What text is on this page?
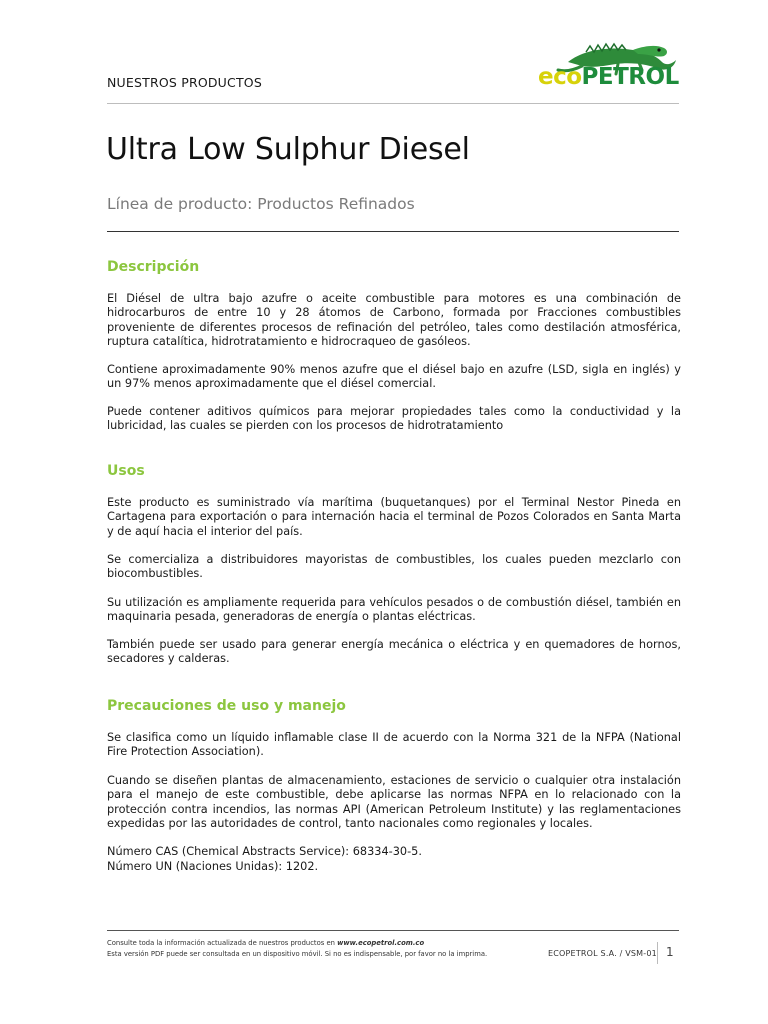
NUESTROS PRODUCTOS	ecoPETROL
Ultra Low Sulphur Diesel
Línea de producto: Productos Refinados
Descripción

El Diésel de ultra bajo azufre o aceite combustible para motores es una combinación de hidrocarburos de entre 10 y 28 átomos de Carbono, formada por Fracciones combustibles proveniente de diferentes procesos de refinación del petróleo, tales como destilación atmosférica, ruptura catalítica, hidrotratamiento e hidrocraqueo de gasóleos.

Contiene aproximadamente 90% menos azufre que el diésel bajo en azufre (LSD, sigla en inglés) y un 97% menos aproximadamente que el diésel comercial.

Puede contener aditivos químicos para mejorar propiedades tales como la conductividad y la lubricidad, las cuales se pierden con los procesos de hidrotratamiento

Usos

Este producto es suministrado vía marítima (buquetanques) por el Terminal Nestor Pineda en Cartagena para exportación o para internación hacia el terminal de Pozos Colorados en Santa Marta y de aquí hacia el interior del país.

Se comercializa a distribuidores mayoristas de combustibles, los cuales pueden mezclarlo con biocombustibles.

Su utilización es ampliamente requerida para vehículos pesados o de combustión diésel, también en maquinaria pesada, generadoras de energía o plantas eléctricas.

También puede ser usado para generar energía mecánica o eléctrica y en quemadores de hornos, secadores y calderas.

Precauciones de uso y manejo

Se clasifica como un líquido inflamable clase II de acuerdo con la Norma 321 de la NFPA (National Fire Protection Association).

Cuando se diseñen plantas de almacenamiento, estaciones de servicio o cualquier otra instalación para el manejo de este combustible, debe aplicarse las normas NFPA en lo relacionado con la protección contra incendios, las normas API (American Petroleum Institute) y las reglamentaciones expedidas por las autoridades de control, tanto nacionales como regionales y locales.

Número CAS (Chemical Abstracts Service): 68334-30-5.

Número UN (Naciones Unidas): 1202.

Consulte toda la información actualizada de nuestros productos en www.ecopetrol.com.co
Esta versión PDF puede ser consultada en un dispositivo móvil. Si no es indispensable, por favor no la imprima.	ECOPETROL S.A. / VSM-01 1
